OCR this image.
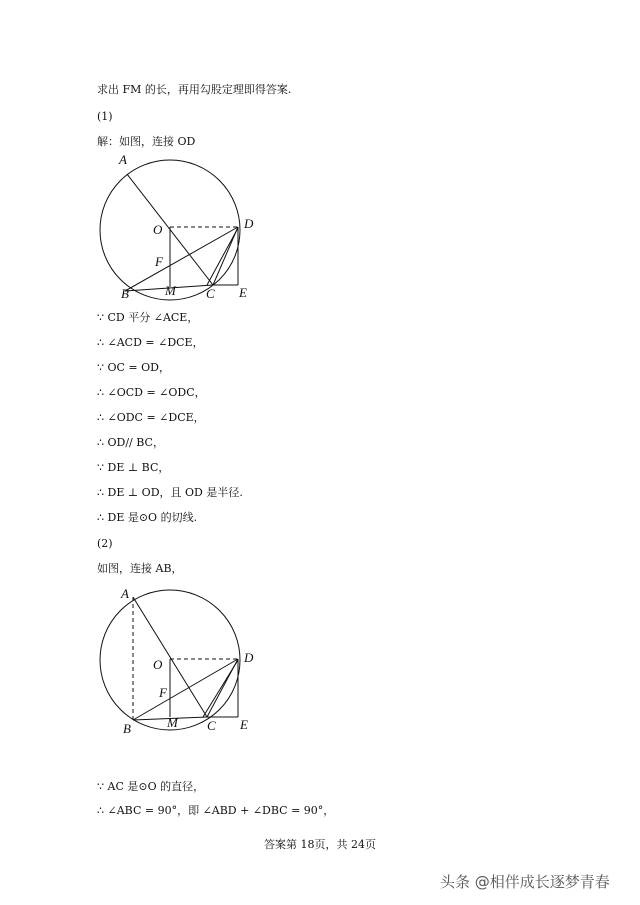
求出 FM 的长，再用勾股定理即得答案.
(1)
解：如图，连接 OD
A
O	D
F
B	M C E
∵ CD 平分 ∠ACE，
∴ ∠ACD = ∠DCE，
∵ OC = OD，
∴ ∠OCD = ∠ODC，
∴ ∠ODC = ∠DCE，
∴ OD// BC，
∵ DE ⊥ BC，
∴ DE ⊥ OD，且 OD 是半径.
∴ DE 是⊙O 的切线.
(2)
如图，连接 AB，
A
O	D
F
B	M C E
∵ AC 是⊙O 的直径，
∴ ∠ABC = 90°，即 ∠ABD + ∠DBC = 90°，
答案第 18页，共 24页
头条 @相伴成长逐梦青春
